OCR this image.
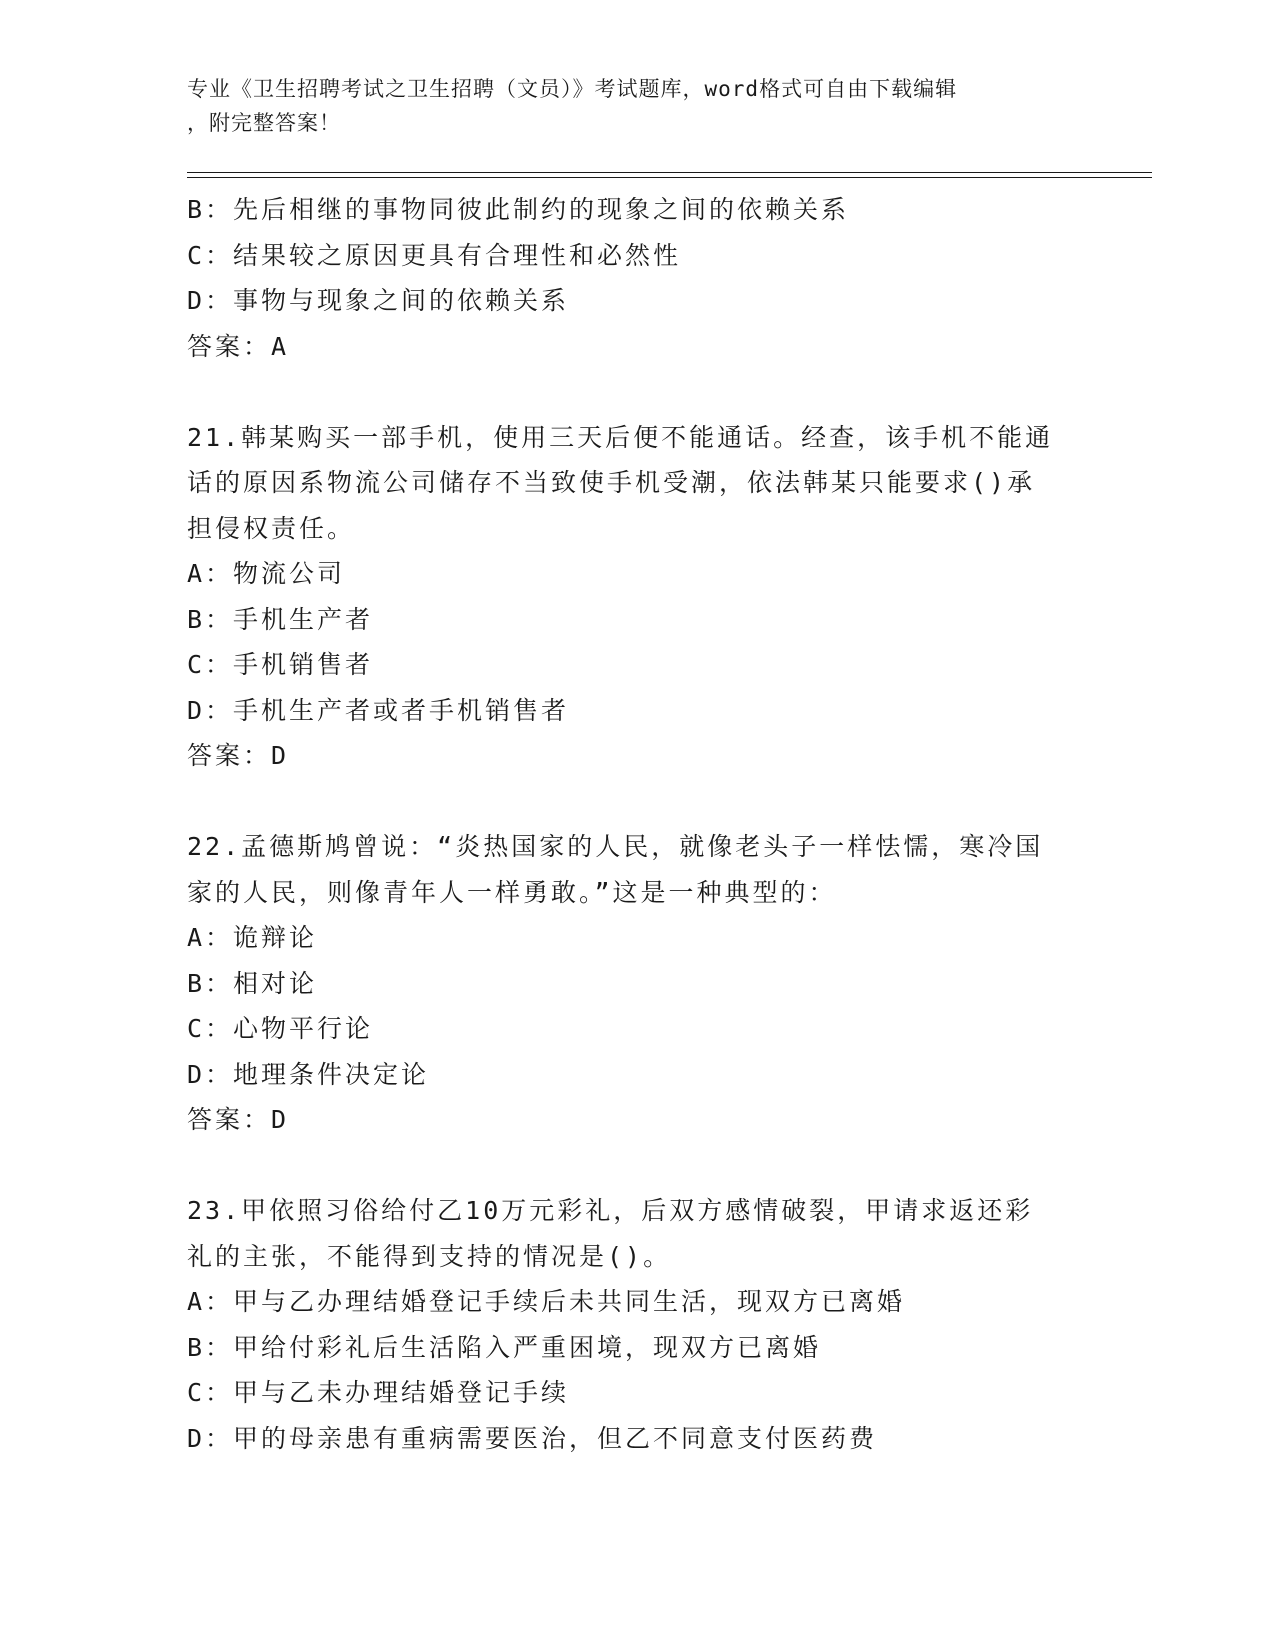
专业《卫生招聘考试之卫生招聘（文员）》考试题库，word格式可自由下载编辑
，附完整答案！
B：先后相继的事物同彼此制约的现象之间的依赖关系
C：结果较之原因更具有合理性和必然性
D：事物与现象之间的依赖关系
答案：A
21.韩某购买一部手机，使用三天后便不能通话。经查，该手机不能通
话的原因系物流公司储存不当致使手机受潮，依法韩某只能要求()承
担侵权责任。
A：物流公司
B：手机生产者
C：手机销售者
D：手机生产者或者手机销售者
答案：D
22.孟德斯鸠曾说：“炎热国家的人民，就像老头子一样怯懦，寒冷国
家的人民，则像青年人一样勇敢。”这是一种典型的：
A：诡辩论
B：相对论
C：心物平行论
D：地理条件决定论
答案：D
23.甲依照习俗给付乙10万元彩礼，后双方感情破裂，甲请求返还彩
礼的主张，不能得到支持的情况是()。
A：甲与乙办理结婚登记手续后未共同生活，现双方已离婚
B：甲给付彩礼后生活陷入严重困境，现双方已离婚
C：甲与乙未办理结婚登记手续
D：甲的母亲患有重病需要医治，但乙不同意支付医药费
